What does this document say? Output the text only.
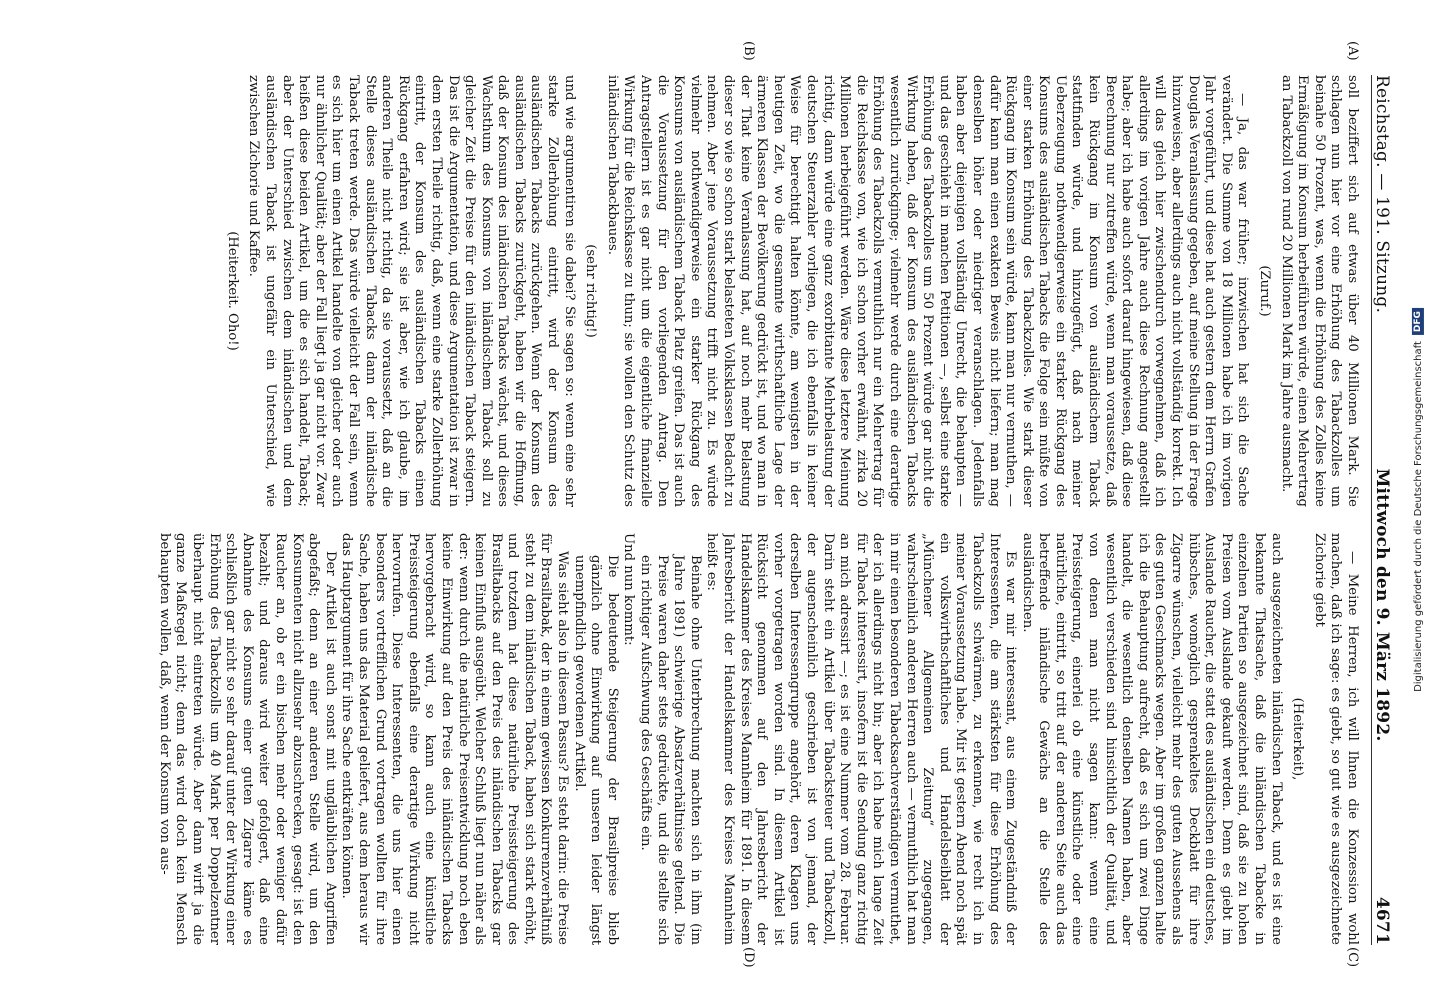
Reichstag. — 191. Sitzung.
Mittwoch den 9. März 1892.
4671
(A)
(B)
(C)
(D)

soll beziffert sich auf etwas über 40 Millionen Mark. Sie schlagen nun hier vor eine Erhöhung des Tabackzolles um beinahe 50 Prozent, was, wenn die Erhöhung des Zolles keine Ermäßigung im Konsum herbeiführen würde, einen Mehrertrag an Tabackzoll von rund 20 Millionen Mark im Jahre ausmacht.

(Zuruf.)

— Ja, das war früher; inzwischen hat sich die Sache verändert. Die Summe von 18 Millionen habe ich im vorigen Jahr vorgeführt, und diese hat auch gestern dem Herrn Grafen Douglas Veranlassung gegeben, auf meine Stellung in der Frage hinzuweisen, aber allerdings auch nicht vollständig korrekt. Ich will das gleich hier zwischendurch vorwegnehmen, daß ich allerdings im vorigen Jahre auch diese Rechnung angestellt habe; aber ich habe auch sofort darauf hingewiesen, daß diese Berechnung nur zutreffen würde, wenn man voraussetze, daß kein Rückgang im Konsum von ausländischem Taback stattfinden würde, und hinzugefügt, daß nach meiner Ueberzeugung nothwendigerweise ein starker Rückgang des Konsums des ausländischen Tabacks die Folge sein müßte von einer starken Erhöhung des Tabackzolles. Wie stark dieser Rückgang im Konsum sein würde, kann man nur vermuthen, — dafür kann man einen exakten Beweis nicht liefern; man mag denselben höher oder niedriger veranschlagen. Jedenfalls haben aber diejenigen vollständig Unrecht, die behaupten — und das geschieht in manchen Petitionen —, selbst eine starke Erhöhung des Tabackzolles um 50 Prozent würde gar nicht die Wirkung haben, daß der Konsum des ausländischen Tabacks wesentlich zurückginge; vielmehr werde durch eine derartige Erhöhung des Tabackzolls vermuthlich nur ein Mehrertrag für die Reichskasse von, wie ich schon vorher erwähnt, zirka 20 Millionen herbeigeführt werden. Wäre diese letztere Meinung richtig, dann würde eine ganz exorbitante Mehrbelastung der deutschen Steuerzahler vorliegen, die ich ebenfalls in keiner Weise für berechtigt halten könnte, am wenigsten in der heutigen Zeit, wo die gesammte wirthschaftliche Lage der ärmeren Klassen der Bevölkerung gedrückt ist, und wo man in der That keine Veranlassung hat, auf noch mehr Belastung dieser so wie so schon stark belasteten Volksklassen Bedacht zu nehmen. Aber jene Voraussetzung trifft nicht zu. Es würde vielmehr nothwendigerweise ein starker Rückgang des Konsums von ausländischem Taback Platz greifen. Das ist auch die Voraussetzung für den vorliegenden Antrag. Den Antragstellern ist es gar nicht um die eigentliche finanzielle Wirkung für die Reichskasse zu thun; sie wollen den Schutz des inländischen Tabackbaues.

(sehr richtig!)

und wie argumentiren sie dabei? Sie sagen so: wenn eine sehr starke Zollerhöhung eintritt, wird der Konsum des ausländischen Tabacks zurückgehen. Wenn der Konsum des ausländischen Tabacks zurückgeht, haben wir die Hoffnung, daß der Konsum des inländischen Tabacks wächst, und dieses Wachsthum des Konsums von inländischem Taback soll zu gleicher Zeit die Preise für den inländischen Taback steigern. Das ist die Argumentation, und diese Argumentation ist zwar in dem ersten Theile richtig, daß, wenn eine starke Zollerhöhung eintritt, der Konsum des ausländischen Tabacks einen Rückgang erfahren wird; sie ist aber, wie ich glaube, im anderen Theile nicht richtig, da sie voraussetzt, daß an die Stelle dieses ausländischen Tabacks dann der inländische Taback treten werde. Das würde vielleicht der Fall sein, wenn es sich hier um einen Artikel handelte von gleicher oder auch nur ähnlicher Qualität; aber der Fall liegt ja gar nicht vor. Zwar heißen diese beiden Artikel, um die es sich handelt, Taback; aber der Unterschied zwischen dem inländischen und dem ausländischen Taback ist ungefähr ein Unterschied, wie zwischen Zichorie und Kaffee.

(Heiterkeit. Oho!)

— Meine Herren, ich will Ihnen die Konzession wohl machen, daß ich sage: es giebt, so gut wie es ausgezeichnete Zichorie giebt

(Heiterkeit),

auch ausgezeichneten inländischen Taback, und es ist eine bekannte Thatsache, daß die inländischen Tabacke in einzelnen Partien so ausgezeichnet sind, daß sie zu hohen Preisen vom Auslande gekauft werden. Denn es giebt im Auslande Raucher, die statt des ausländischen ein deutsches, hübsches, womöglich gesprenkeltes Deckblatt für ihre Zigarre wünschen, vielleicht mehr des guten Aussehens als des guten Geschmacks wegen. Aber im großen ganzen halte ich die Behauptung aufrecht, daß es sich um zwei Dinge handelt, die wesentlich denselben Namen haben, aber wesentlich verschieden sind hinsichtlich der Qualität, und von denen man nicht sagen kann: wenn eine Preissteigerung, einerlei ob eine künstliche oder eine natürliche, eintritt, so tritt auf der anderen Seite auch das betreffende inländische Gewächs an die Stelle des ausländischen.

Es war mir interessant, aus einem Zugeständniß der Interessenten, die am stärksten für diese Erhöhung des Tabackzolls schwärmen, zu erkennen, wie recht ich in meiner Voraussetzung habe. Mir ist gestern Abend noch spät ein volkswirthschaftliches und Handelsbeiblatt der „Münchener Allgemeinen Zeitung“ zugegangen, wahrscheinlich anderen Herren auch — vermuthlich hat man in mir einen besonderen Tabacksachverständigen vermuthet, der ich allerdings nicht bin; aber ich habe mich lange Zeit für Taback interessirt, insofern ist die Sendung ganz richtig an mich adressirt —; es ist eine Nummer vom 28. Februar. Darin steht ein Artikel über Tabacksteuer und Tabackzoll, der augenscheinlich geschrieben ist von jemand, der derselben Interessengruppe angehört, deren Klagen uns vorher vorgetragen worden sind. In diesem Artikel ist Rücksicht genommen auf den Jahresbericht der Handelskammer des Kreises Mannheim für 1891. In diesem Jahresbericht der Handelskammer des Kreises Mannheim heißt es:

Beinahe ohne Unterbrechung machten sich in ihm (im Jahre 1891) schwierige Absatzverhältnisse geltend. Die Preise waren daher stets gedrückte, und die stellte sich ein richtiger Aufschwung des Geschäfts ein.

Und nun kommt:

Die bedeutende Steigerung der Brasilpreise blieb gänzlich ohne Einwirkung auf unseren leider längst unempfindlich gewordenen Artikel.

Was sieht also in diesem Passus? Es steht darin: die Preise für Brasiltabak, der in einem gewissen Konkurrenzverhältniß steht zu dem inländischen Taback, haben sich stark erhöht, und trotzdem hat diese natürliche Preissteigerung des Brasiltabacks auf den Preis des inländischen Tabacks gar keinen Einfluß ausgeübt. Welcher Schluß liegt nun näher als der: wenn durch die natürliche Preisentwicklung noch eben keine Einwirkung auf den Preis des inländischen Tabacks hervorgebracht wird, so kann auch eine künstliche Preissteigerung ebenfalls eine derartige Wirkung nicht hervorrufen. Diese Interessenten, die uns hier einen besonders vortrefflichen Grund vortragen wollten für ihre Sache, haben uns das Material geliefert, aus dem heraus wir das Hauptargument für ihre Sache entkräften können.

Der Artikel ist auch sonst mit ungläublichen Angriffen abgefaßt; denn an einer anderen Stelle wird, um den Konsumenten nicht allzusehr abzuschrecken, gesagt: ist den Raucher an, ob er ein bischen mehr oder weniger dafür bezahlt; und daraus wird weiter gefolgert, daß eine Abnahme des Konsums einer guten Zigarre käme es schließlich gar nicht so sehr darauf unter der Wirkung einer Erhöhung des Tabackzolls um 40 Mark per Doppelzentner überhaupt nicht eintreten würde. Aber dann wirft ja die ganze Maßregel nicht; denn das wird doch kein Mensch behaupten wollen, daß, wenn der Konsum von aus-

Digitalisierung gefördert durch die Deutsche Forschungsgemeinschaft
DFG
